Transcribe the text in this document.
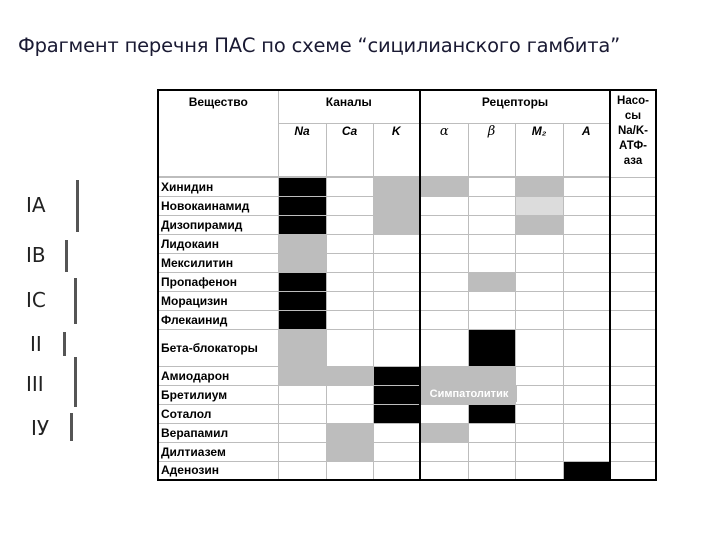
Фрагмент перечня ПАС по схеме “сицилианского гамбита”
IA
IB
IC
II
III
IУ
Вещество	Каналы			Рецепторы				Насо-сы Na/K-АТФ-аза
	Na	Ca	K	α	β	M₂	A	

Хинидин								
Новокаинамид								
Дизопирамид								
Лидокаин								
Мексилитин								
Пропафенон								
Морацизин								
Флекаинид								
Бета-блокаторы								
Амиодарон								
Бретилиум								
Соталол								
Верапамил								
Дилтиазем								
Аденозин								
Симпатолитик
